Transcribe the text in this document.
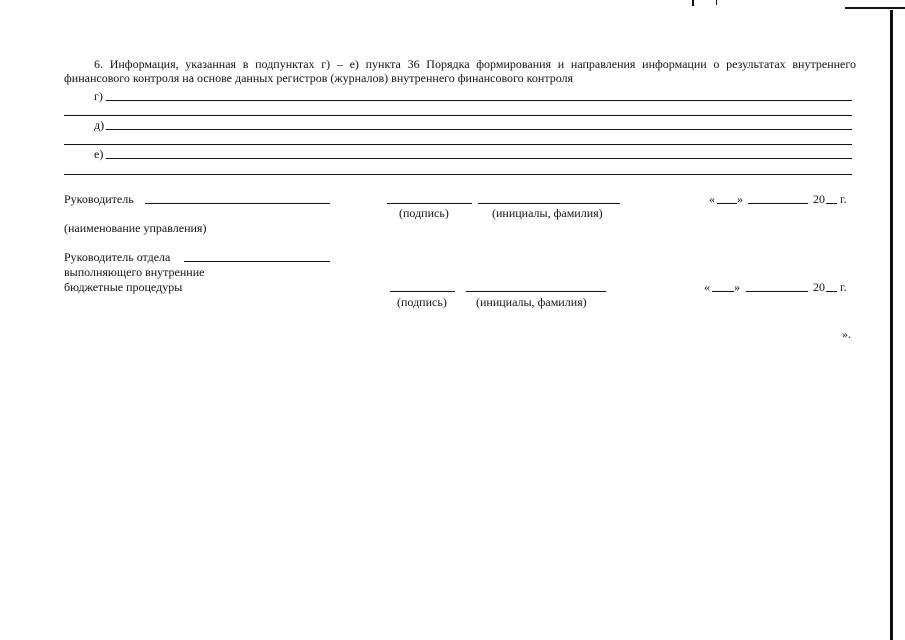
6. Информация, указанная в подпунктах г) – е) пункта 36 Порядка формирования и направления информации о результатах внутреннего
финансового контроля на основе данных регистров (журналов) внутреннего финансового контроля
г)
д)
е)
Руководитель
(подпись)	(инициалы, фамилия)
« »	20 г.
(наименование управления)
Руководитель отдела
выполняющего внутренние
бюджетные процедуры
(подпись) (инициалы, фамилия)
« »	20 г.
».
